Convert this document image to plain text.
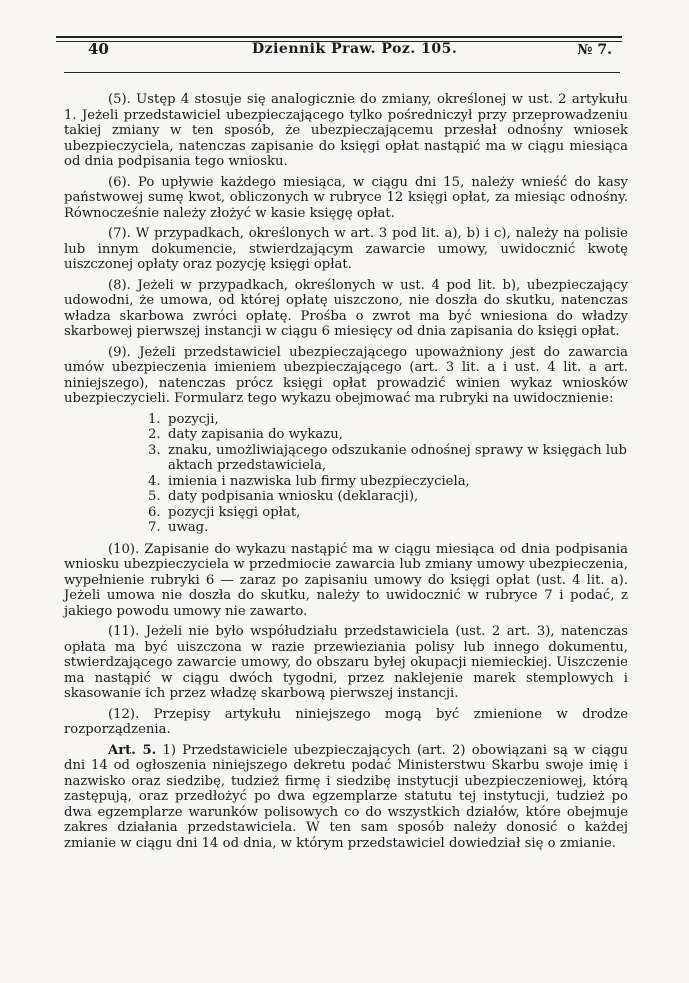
40	Dziennik Praw. Poz. 105.	№ 7.

(5). Ustęp 4 stosuje się analogicznie do zmiany, określonej w ust. 2 artykułu 1. Jeżeli przedstawiciel ubezpieczającego tylko pośredniczył przy przeprowadzeniu takiej zmiany w ten sposób, że ubezpieczającemu przesłał odnośny wniosek ubezpieczyciela, natenczas zapisanie do księgi opłat nastąpić ma w ciągu miesiąca od dnia podpisania tego wniosku.

(6). Po upływie każdego miesiąca, w ciągu dni 15, należy wnieść do kasy państwowej sumę kwot, obliczonych w rubryce 12 księgi opłat, za miesiąc odnośny. Równocześnie należy złożyć w kasie księgę opłat.

(7). W przypadkach, określonych w art. 3 pod lit. a), b) i c), należy na polisie lub innym dokumencie, stwierdzającym zawarcie umowy, uwidocznić kwotę uiszczonej opłaty oraz pozycję księgi opłat.

(8). Jeżeli w przypadkach, określonych w ust. 4 pod lit. b), ubezpieczający udowodni, że umowa, od której opłatę uiszczono, nie doszła do skutku, natenczas władza skarbowa zwróci opłatę. Prośba o zwrot ma być wniesiona do władzy skarbowej pierwszej instancji w ciągu 6 miesięcy od dnia zapisania do księgi opłat.

(9). Jeżeli przedstawiciel ubezpieczającego upoważniony jest do zawarcia umów ubezpieczenia imieniem ubezpieczającego (art. 3 lit. a i ust. 4 lit. a art. niniejszego), natenczas prócz księgi opłat prowadzić winien wykaz wniosków ubezpieczycieli. Formularz tego wykazu obejmować ma rubryki na uwidocznienie:

1. pozycji,
2. daty zapisania do wykazu,
3. znaku, umożliwiającego odszukanie odnośnej sprawy w księgach lub aktach przedstawiciela,
4. imienia i nazwiska lub firmy ubezpieczyciela,
5. daty podpisania wniosku (deklaracji),
6. pozycji księgi opłat,
7. uwag.

(10). Zapisanie do wykazu nastąpić ma w ciągu miesiąca od dnia podpisania wniosku ubezpieczyciela w przedmiocie zawarcia lub zmiany umowy ubezpieczenia, wypełnienie rubryki 6 — zaraz po zapisaniu umowy do księgi opłat (ust. 4 lit. a). Jeżeli umowa nie doszła do skutku, należy to uwidocznić w rubryce 7 i podać, z jakiego powodu umowy nie zawarto.

(11). Jeżeli nie było współudziału przedstawiciela (ust. 2 art. 3), natenczas opłata ma być uiszczona w razie przewieziania polisy lub innego dokumentu, stwierdzającego zawarcie umowy, do obszaru byłej okupacji niemieckiej. Uiszczenie ma nastąpić w ciągu dwóch tygodni, przez naklejenie marek stemplowych i skasowanie ich przez władzę skarbową pierwszej instancji.

(12). Przepisy artykułu niniejszego mogą być zmienione w drodze rozporządzenia.

Art. 5. 1) Przedstawiciele ubezpieczających (art. 2) obowiązani są w ciągu dni 14 od ogłoszenia niniejszego dekretu podać Ministerstwu Skarbu swoje imię i nazwisko oraz siedzibę, tudzież firmę i siedzibę instytucji ubezpieczeniowej, którą zastępują, oraz przedłożyć po dwa egzemplarze statutu tej instytucji, tudzież po dwa egzemplarze warunków polisowych co do wszystkich działów, które obejmuje zakres działania przedstawiciela. W ten sam sposób należy donosić o każdej zmianie w ciągu dni 14 od dnia, w którym przedstawiciel dowiedział się o zmianie.
